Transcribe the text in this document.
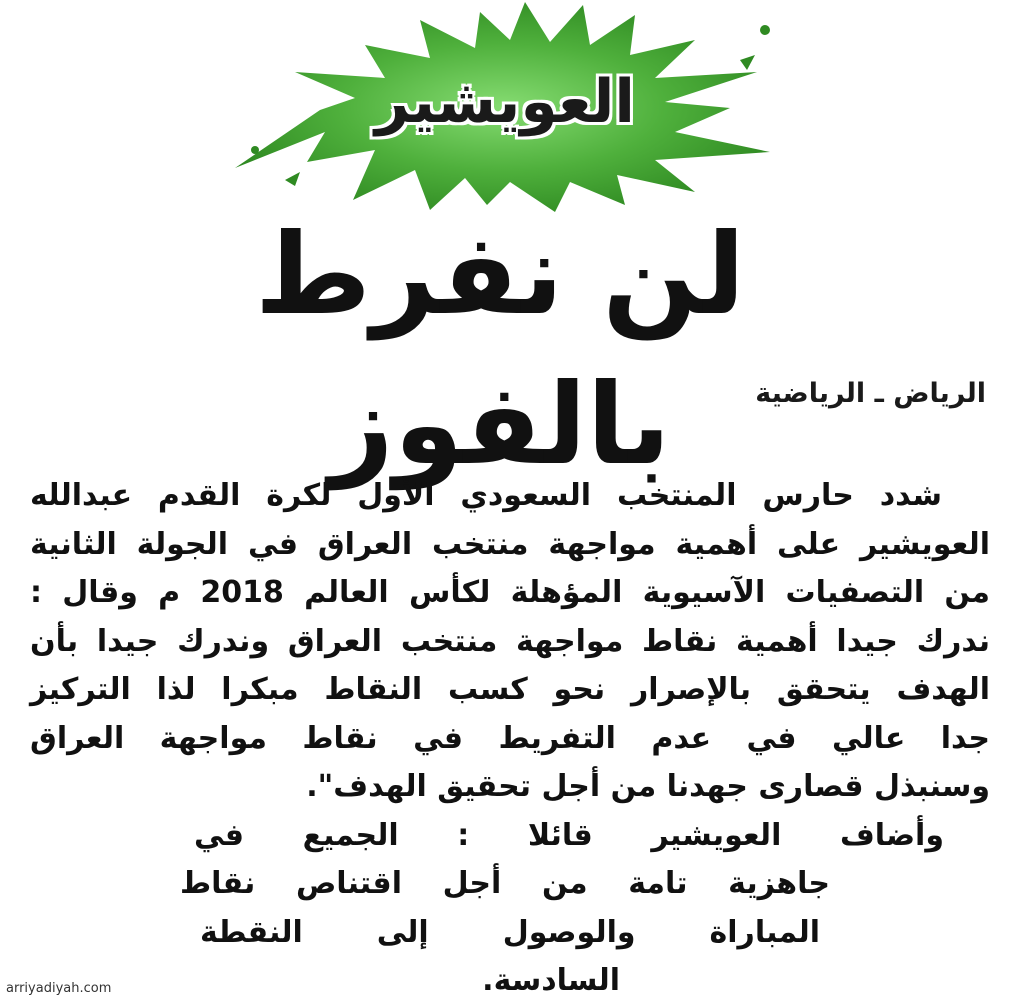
العويشير
لن نفرط بالفوز	الرياض ـ الرياضية
شدد حارس المنتخب السعودي الأول لكرة القدم عبدالله
العويشير على أهمية مواجهة منتخب العراق في الجولة الثانية
من التصفيات الآسيوية المؤهلة لكأس العالم 2018 م وقال :
ندرك جيدا أهمية نقاط مواجهة منتخب العراق وندرك جيدا بأن
الهدف يتحقق بالإصرار نحو كسب النقاط مبكرا لذا التركيز
جدا عالي في عدم التفريط في نقاط مواجهة العراق
وسنبذل قصارى جهدنا من أجل تحقيق الهدف".
وأضاف العويشير قائلا : الجميع في
جاهزية تامة من أجل اقتناص نقاط
المباراة والوصول إلى النقطة
السادسة.
arriyadiyah.com
